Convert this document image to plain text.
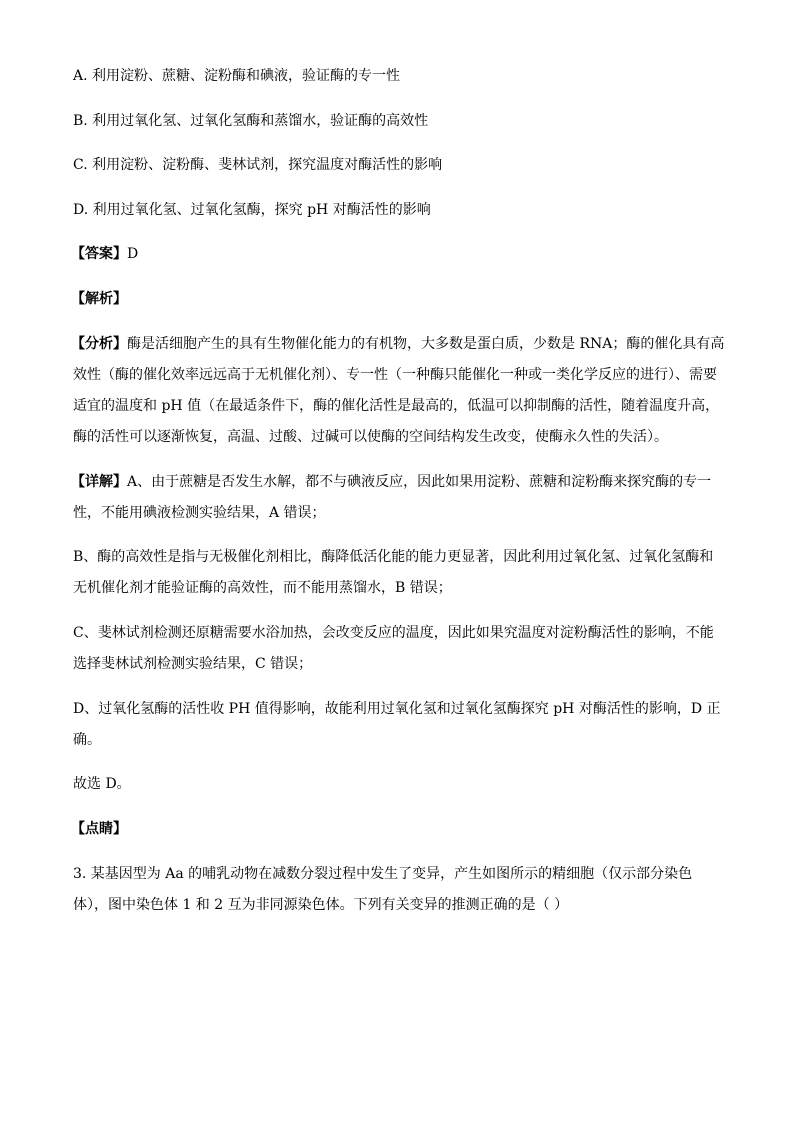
A. 利用淀粉、蔗糖、淀粉酶和碘液，验证酶的专一性

B. 利用过氧化氢、过氧化氢酶和蒸馏水，验证酶的高效性

C. 利用淀粉、淀粉酶、斐林试剂，探究温度对酶活性的影响

D. 利用过氧化氢、过氧化氢酶，探究 pH 对酶活性的影响

【答案】D

【解析】

【分析】酶是活细胞产生的具有生物催化能力的有机物，大多数是蛋白质，少数是 RNA；酶的催化具有高

效性（酶的催化效率远远高于无机催化剂）、专一性（一种酶只能催化一种或一类化学反应的进行）、需要

适宜的温度和 pH 值（在最适条件下，酶的催化活性是最高的，低温可以抑制酶的活性，随着温度升高，

酶的活性可以逐渐恢复，高温、过酸、过碱可以使酶的空间结构发生改变，使酶永久性的失活）。

【详解】A、由于蔗糖是否发生水解，都不与碘液反应，因此如果用淀粉、蔗糖和淀粉酶来探究酶的专一

性，不能用碘液检测实验结果，A 错误；

B、酶的高效性是指与无极催化剂相比，酶降低活化能的能力更显著，因此利用过氧化氢、过氧化氢酶和

无机催化剂才能验证酶的高效性，而不能用蒸馏水，B 错误；

C、斐林试剂检测还原糖需要水浴加热，会改变反应的温度，因此如果究温度对淀粉酶活性的影响，不能

选择斐林试剂检测实验结果，C 错误；

D、过氧化氢酶的活性收 PH 值得影响，故能利用过氧化氢和过氧化氢酶探究 pH 对酶活性的影响，D 正

确。

故选 D。

【点睛】

3. 某基因型为 Aa 的哺乳动物在减数分裂过程中发生了变异，产生如图所示的精细胞（仅示部分染色

体），图中染色体 1 和 2 互为非同源染色体。下列有关变异的推测正确的是（ ）
